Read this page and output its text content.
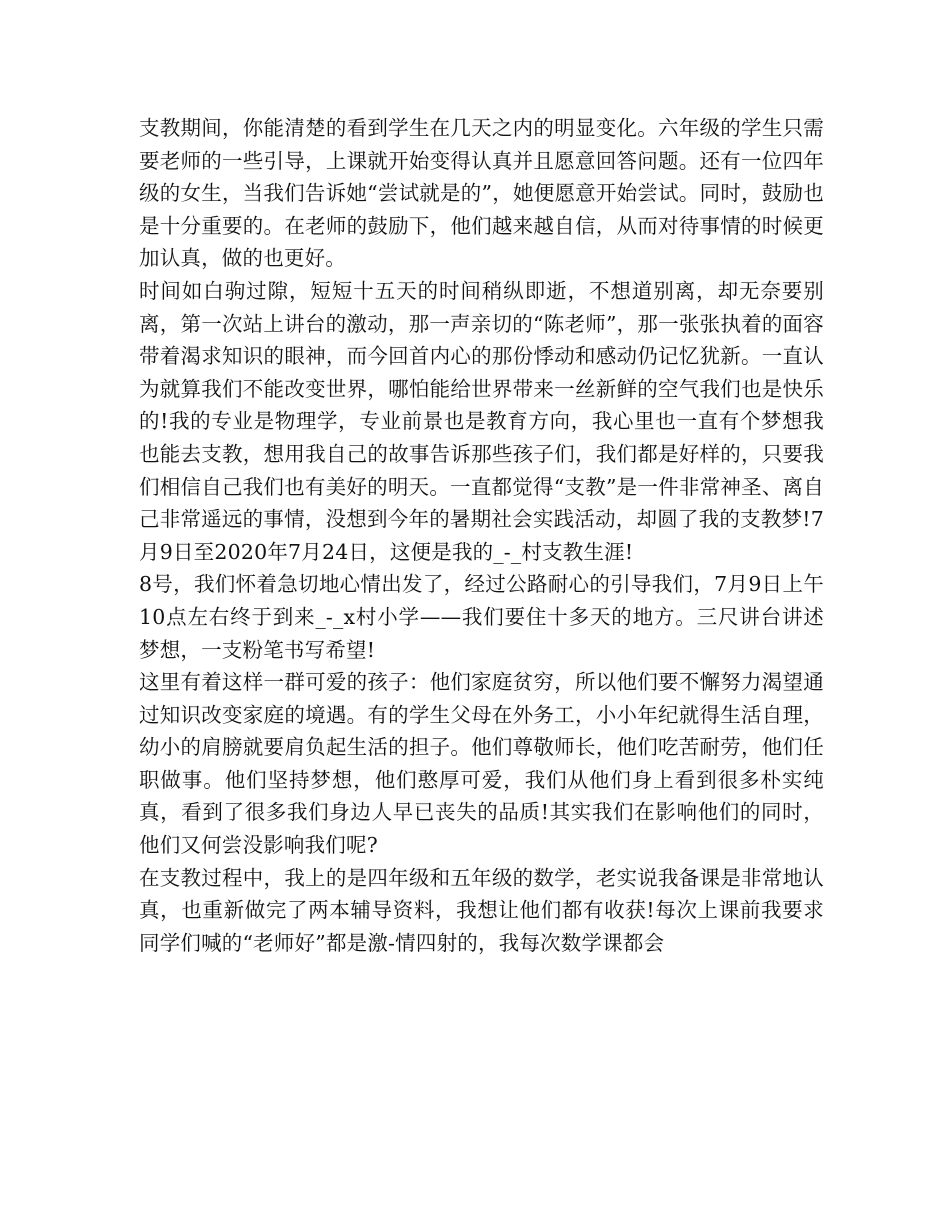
支教期间，你能清楚的看到学生在几天之内的明显变化。六年级的学生只需要老师的一些引导，上课就开始变得认真并且愿意回答问题。还有一位四年级的女生，当我们告诉她“尝试就是的”，她便愿意开始尝试。同时，鼓励也是十分重要的。在老师的鼓励下，他们越来越自信，从而对待事情的时候更加认真，做的也更好。

时间如白驹过隙，短短十五天的时间稍纵即逝，不想道别离，却无奈要别离，第一次站上讲台的激动，那一声亲切的“陈老师”，那一张张执着的面容带着渴求知识的眼神，而今回首内心的那份悸动和感动仍记忆犹新。一直认为就算我们不能改变世界，哪怕能给世界带来一丝新鲜的空气我们也是快乐的!我的专业是物理学，专业前景也是教育方向，我心里也一直有个梦想我也能去支教，想用我自己的故事告诉那些孩子们，我们都是好样的，只要我们相信自己我们也有美好的明天。一直都觉得“支教”是一件非常神圣、离自己非常遥远的事情，没想到今年的暑期社会实践活动，却圆了我的支教梦!7月9日至2020年7月24日，这便是我的_-_村支教生涯!

8号，我们怀着急切地心情出发了，经过公路耐心的引导我们，7月9日上午10点左右终于到来_-_x村小学——我们要住十多天的地方。三尺讲台讲述梦想，一支粉笔书写希望!

这里有着这样一群可爱的孩子：他们家庭贫穷，所以他们要不懈努力渴望通过知识改变家庭的境遇。有的学生父母在外务工，小小年纪就得生活自理，幼小的肩膀就要肩负起生活的担子。他们尊敬师长，他们吃苦耐劳，他们任职做事。他们坚持梦想，他们憨厚可爱，我们从他们身上看到很多朴实纯真，看到了很多我们身边人早已丧失的品质!其实我们在影响他们的同时，他们又何尝没影响我们呢?

在支教过程中，我上的是四年级和五年级的数学，老实说我备课是非常地认真，也重新做完了两本辅导资料，我想让他们都有收获!每次上课前我要求同学们喊的“老师好”都是激-情四射的，我每次数学课都会
